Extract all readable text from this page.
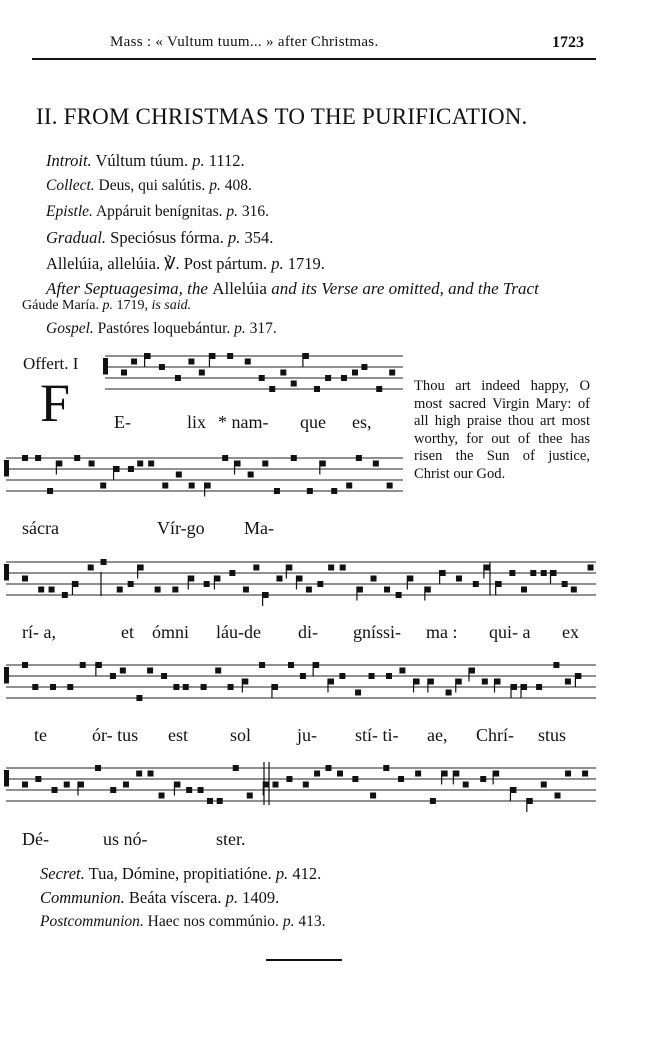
Mass : « Vultum tuum... » after Christmas.	1723
II. FROM CHRISTMAS TO THE PURIFICATION.
Introit. Vúltum túum. p. 1112.
Collect. Deus, qui salútis. p. 408.
Epistle. Appáruit benígnitas. p. 316.
Gradual. Speciósus fórma. p. 354.
Allelúia, allelúia. ℣. Post pártum. p. 1719.
After Septuagesima, the Allelúia and its Verse are omitted, and the Tract
Gáude María. p. 1719, is said.
Gospel. Pastóres loquebántur. p. 317.
Offert. I
F	Thou art indeed happy, O most sacred Virgin Mary: of all high praise thou art most worthy, for out of thee has risen the Sun of justice, Christ our God.
E-	lix * nam- que es,
sácra	Vír-go Ma-
rí- a,	et ómni láu-de di- gníssi- ma : qui- a ex
te	ór- tus est sol	ju- stí- ti- ae, Chrí- stus
Dé-	us nó-	ster.
Secret. Tua, Dómine, propitiatióne. p. 412.
Communion. Beáta víscera. p. 1409.
Postcommunion. Haec nos commúnio. p. 413.
